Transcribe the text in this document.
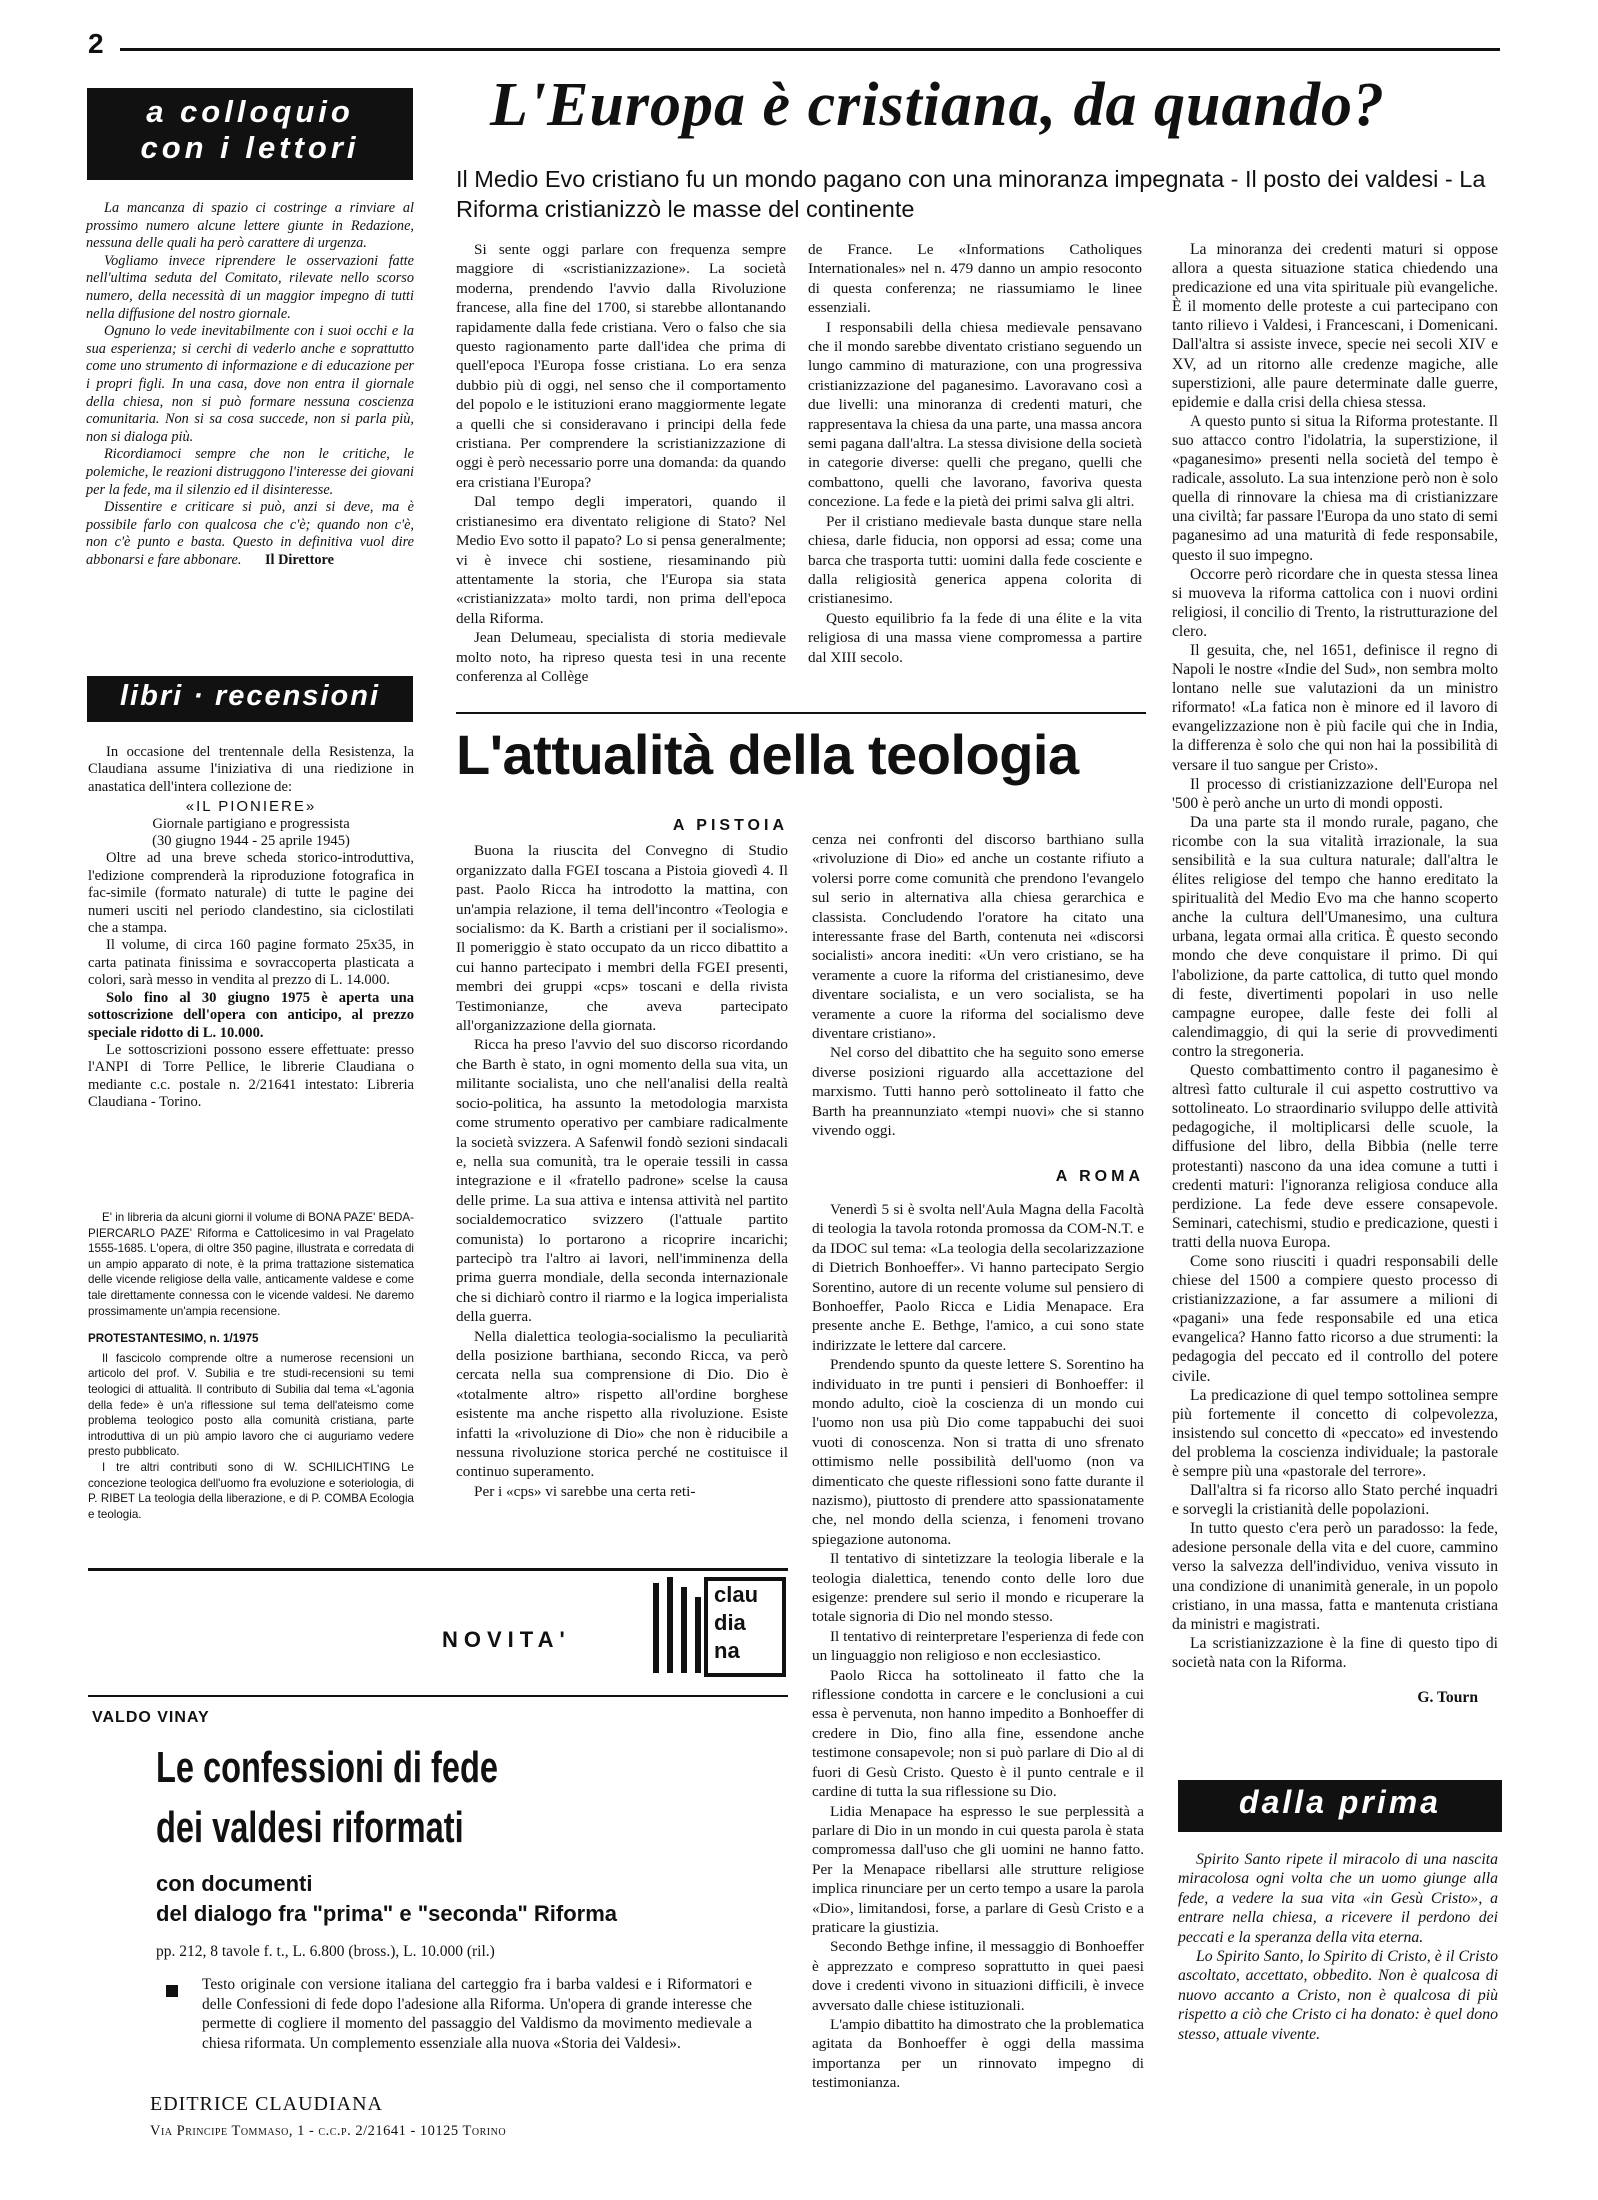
2
a colloquio
con i lettori

La mancanza di spazio ci costringe a rinviare al prossimo numero alcune lettere giunte in Redazione, nessuna delle quali ha però carattere di urgenza.

Vogliamo invece riprendere le osservazioni fatte nell'ultima seduta del Comitato, rilevate nello scorso numero, della necessità di un maggior impegno di tutti nella diffusione del nostro giornale.

Ognuno lo vede inevitabilmente con i suoi occhi e la sua esperienza; si cerchi di vederlo anche e soprattutto come uno strumento di informazione e di educazione per i propri figli. In una casa, dove non entra il giornale della chiesa, non si può formare nessuna coscienza comunitaria. Non si sa cosa succede, non si parla più, non si dialoga più.

Ricordiamoci sempre che non le critiche, le polemiche, le reazioni distruggono l'interesse dei giovani per la fede, ma il silenzio ed il disinteresse.

Dissentire e criticare si può, anzi si deve, ma è possibile farlo con qualcosa che c'è; quando non c'è, non c'è punto e basta. Questo in definitiva vuol dire abbonarsi e fare abbonare. Il Direttore

libri · recensioni

In occasione del trentennale della Resistenza, la Claudiana assume l'iniziativa di una riedizione in anastatica dell'intera collezione de:

«IL PIONIERE»
Giornale partigiano e progressista
(30 giugno 1944 - 25 aprile 1945)

Oltre ad una breve scheda storico-introduttiva, l'edizione comprenderà la riproduzione fotografica in fac-simile (formato naturale) di tutte le pagine dei numeri usciti nel periodo clandestino, sia ciclostilati che a stampa.

Il volume, di circa 160 pagine formato 25x35, in carta patinata finissima e sovraccoperta plasticata a colori, sarà messo in vendita al prezzo di L. 14.000.

Solo fino al 30 giugno 1975 è aperta una sottoscrizione dell'opera con anticipo, al prezzo speciale ridotto di L. 10.000.

Le sottoscrizioni possono essere effettuate: presso l'ANPI di Torre Pellice, le librerie Claudiana o mediante c.c. postale n. 2/21641 intestato: Libreria Claudiana - Torino.

E' in libreria da alcuni giorni il volume di BONA PAZE' BEDA-PIERCARLO PAZE' Riforma e Cattolicesimo in val Pragelato 1555-1685. L'opera, di oltre 350 pagine, illustrata e corredata di un ampio apparato di note, è la prima trattazione sistematica delle vicende religiose della valle, anticamente valdese e come tale direttamente connessa con le vicende valdesi. Ne daremo prossimamente un'ampia recensione.

PROTESTANTESIMO, n. 1/1975

Il fascicolo comprende oltre a numerose recensioni un articolo del prof. V. Subilia e tre studi-recensioni su temi teologici di attualità. Il contributo di Subilia dal tema «L'agonia della fede» è un'a riflessione sul tema dell'ateismo come problema teologico posto alla comunità cristiana, parte introduttiva di un più ampio lavoro che ci auguriamo vedere presto pubblicato.

I tre altri contributi sono di W. SCHILICHTING Le concezione teologica dell'uomo fra evoluzione e soteriologia, di P. RIBET La teologia della liberazione, e di P. COMBA Ecologia e teologia.

L'Europa è cristiana, da quando?
Il Medio Evo cristiano fu un mondo pagano con una minoranza impegnata - Il posto dei valdesi - La Riforma cristianizzò le masse del continente

Si sente oggi parlare con frequenza sempre maggiore di «scristianizzazione». La società moderna, prendendo l'avvio dalla Rivoluzione francese, alla fine del 1700, si starebbe allontanando rapidamente dalla fede cristiana. Vero o falso che sia questo ragionamento parte dall'idea che prima di quell'epoca l'Europa fosse cristiana. Lo era senza dubbio più di oggi, nel senso che il comportamento del popolo e le istituzioni erano maggiormente legate a quelli che si consideravano i principi della fede cristiana. Per comprendere la scristianizzazione di oggi è però necessario porre una domanda: da quando era cristiana l'Europa?

Dal tempo degli imperatori, quando il cristianesimo era diventato religione di Stato? Nel Medio Evo sotto il papato? Lo si pensa generalmente; vi è invece chi sostiene, riesaminando più attentamente la storia, che l'Europa sia stata «cristianizzata» molto tardi, non prima dell'epoca della Riforma.

Jean Delumeau, specialista di storia medievale molto noto, ha ripreso questa tesi in una recente conferenza al Collège

de France. Le «Informations Catholiques Internationales» nel n. 479 danno un ampio resoconto di questa conferenza; ne riassumiamo le linee essenziali.

I responsabili della chiesa medievale pensavano che il mondo sarebbe diventato cristiano seguendo un lungo cammino di maturazione, con una progressiva cristianizzazione del paganesimo. Lavoravano così a due livelli: una minoranza di credenti maturi, che rappresentava la chiesa da una parte, una massa ancora semi pagana dall'altra. La stessa divisione della società in categorie diverse: quelli che pregano, quelli che combattono, quelli che lavorano, favoriva questa concezione. La fede e la pietà dei primi salva gli altri.

Per il cristiano medievale basta dunque stare nella chiesa, darle fiducia, non opporsi ad essa; come una barca che trasporta tutti: uomini dalla fede cosciente e dalla religiosità generica appena colorita di cristianesimo.

Questo equilibrio fa la fede di una élite e la vita religiosa di una massa viene compromessa a partire dal XIII secolo.

La minoranza dei credenti maturi si oppose allora a questa situazione statica chiedendo una predicazione ed una vita spirituale più evangeliche. È il momento delle proteste a cui partecipano con tanto rilievo i Valdesi, i Francescani, i Domenicani. Dall'altra si assiste invece, specie nei secoli XIV e XV, ad un ritorno alle credenze magiche, alle superstizioni, alle paure determinate dalle guerre, epidemie e dalla crisi della chiesa stessa.

A questo punto si situa la Riforma protestante. Il suo attacco contro l'idolatria, la superstizione, il «paganesimo» presenti nella società del tempo è radicale, assoluto. La sua intenzione però non è solo quella di rinnovare la chiesa ma di cristianizzare una civiltà; far passare l'Europa da uno stato di semi paganesimo ad una maturità di fede responsabile, questo il suo impegno.

Occorre però ricordare che in questa stessa linea si muoveva la riforma cattolica con i nuovi ordini religiosi, il concilio di Trento, la ristrutturazione del clero.

Il gesuita, che, nel 1651, definisce il regno di Napoli le nostre «Indie del Sud», non sembra molto lontano nelle sue valutazioni da un ministro riformato! «La fatica non è minore ed il lavoro di evangelizzazione non è più facile qui che in India, la differenza è solo che qui non hai la possibilità di versare il tuo sangue per Cristo».

Il processo di cristianizzazione dell'Europa nel '500 è però anche un urto di mondi opposti.

Da una parte sta il mondo rurale, pagano, che ricombe con la sua vitalità irrazionale, la sua sensibilità e la sua cultura naturale; dall'altra le élites religiose del tempo che hanno ereditato la spiritualità del Medio Evo ma che hanno scoperto anche la cultura dell'Umanesimo, una cultura urbana, legata ormai alla critica. È questo secondo mondo che deve conquistare il primo. Di qui l'abolizione, da parte cattolica, di tutto quel mondo di feste, divertimenti popolari in uso nelle campagne europee, dalle feste dei folli al calendimaggio, di qui la serie di provvedimenti contro la stregoneria.

Questo combattimento contro il paganesimo è altresì fatto culturale il cui aspetto costruttivo va sottolineato. Lo straordinario sviluppo delle attività pedagogiche, il moltiplicarsi delle scuole, la diffusione del libro, della Bibbia (nelle terre protestanti) nascono da una idea comune a tutti i credenti maturi: l'ignoranza religiosa conduce alla perdizione. La fede deve essere consapevole. Seminari, catechismi, studio e predicazione, questi i tratti della nuova Europa.

Come sono riusciti i quadri responsabili delle chiese del 1500 a compiere questo processo di cristianizzazione, a far assumere a milioni di «pagani» una fede responsabile ed una etica evangelica? Hanno fatto ricorso a due strumenti: la pedagogia del peccato ed il controllo del potere civile.

La predicazione di quel tempo sottolinea sempre più fortemente il concetto di colpevolezza, insistendo sul concetto di «peccato» ed investendo del problema la coscienza individuale; la pastorale è sempre più una «pastorale del terrore».

Dall'altra si fa ricorso allo Stato perché inquadri e sorvegli la cristianità delle popolazioni.

In tutto questo c'era però un paradosso: la fede, adesione personale della vita e del cuore, cammino verso la salvezza dell'individuo, veniva vissuto in una condizione di unanimità generale, in un popolo cristiano, in una massa, fatta e mantenuta cristiana da ministri e magistrati.

La scristianizzazione è la fine di questo tipo di società nata con la Riforma.

G. Tourn
L'attualità della teologia
A PISTOIA

Buona la riuscita del Convegno di Studio organizzato dalla FGEI toscana a Pistoia giovedì 4. Il past. Paolo Ricca ha introdotto la mattina, con un'ampia relazione, il tema dell'incontro «Teologia e socialismo: da K. Barth a cristiani per il socialismo». Il pomeriggio è stato occupato da un ricco dibattito a cui hanno partecipato i membri della FGEI presenti, membri dei gruppi «cps» toscani e della rivista Testimonianze, che aveva partecipato all'organizzazione della giornata.

Ricca ha preso l'avvio del suo discorso ricordando che Barth è stato, in ogni momento della sua vita, un militante socialista, uno che nell'analisi della realtà socio-politica, ha assunto la metodologia marxista come strumento operativo per cambiare radicalmente la società svizzera. A Safenwil fondò sezioni sindacali e, nella sua comunità, tra le operaie tessili in cassa integrazione e il «fratello padrone» scelse la causa delle prime. La sua attiva e intensa attività nel partito socialdemocratico svizzero (l'attuale partito comunista) lo portarono a ricoprire incarichi; partecipò tra l'altro ai lavori, nell'imminenza della prima guerra mondiale, della seconda internazionale che si dichiarò contro il riarmo e la logica imperialista della guerra.

Nella dialettica teologia-socialismo la peculiarità della posizione barthiana, secondo Ricca, va però cercata nella sua comprensione di Dio. Dio è «totalmente altro» rispetto all'ordine borghese esistente ma anche rispetto alla rivoluzione. Esiste infatti la «rivoluzione di Dio» che non è riducibile a nessuna rivoluzione storica perché ne costituisce il continuo superamento.

Per i «cps» vi sarebbe una certa reti-

cenza nei confronti del discorso barthiano sulla «rivoluzione di Dio» ed anche un costante rifiuto a volersi porre come comunità che prendono l'evangelo sul serio in alternativa alla chiesa gerarchica e classista. Concludendo l'oratore ha citato una interessante frase del Barth, contenuta nei «discorsi socialisti» ancora inediti: «Un vero cristiano, se ha veramente a cuore la riforma del cristianesimo, deve diventare socialista, e un vero socialista, se ha veramente a cuore la riforma del socialismo deve diventare cristiano».

Nel corso del dibattito che ha seguito sono emerse diverse posizioni riguardo alla accettazione del marxismo. Tutti hanno però sottolineato il fatto che Barth ha preannunziato «tempi nuovi» che si stanno vivendo oggi.

A ROMA

Venerdì 5 si è svolta nell'Aula Magna della Facoltà di teologia la tavola rotonda promossa da COM-N.T. e da IDOC sul tema: «La teologia della secolarizzazione di Dietrich Bonhoeffer». Vi hanno partecipato Sergio Sorentino, autore di un recente volume sul pensiero di Bonhoeffer, Paolo Ricca e Lidia Menapace. Era presente anche E. Bethge, l'amico, a cui sono state indirizzate le lettere dal carcere.

Prendendo spunto da queste lettere S. Sorentino ha individuato in tre punti i pensieri di Bonhoeffer: il mondo adulto, cioè la coscienza di un mondo cui l'uomo non usa più Dio come tappabuchi dei suoi vuoti di conoscenza. Non si tratta di uno sfrenato ottimismo nelle possibilità dell'uomo (non va dimenticato che queste riflessioni sono fatte durante il nazismo), piuttosto di prendere atto spassionatamente che, nel mondo della scienza, i fenomeni trovano spiegazione autonoma.

Il tentativo di sintetizzare la teologia liberale e la teologia dialettica, tenendo conto delle loro due esigenze: prendere sul serio il mondo e ricuperare la totale signoria di Dio nel mondo stesso.

Il tentativo di reinterpretare l'esperienza di fede con un linguaggio non religioso e non ecclesiastico.

Paolo Ricca ha sottolineato il fatto che la riflessione condotta in carcere e le conclusioni a cui essa è pervenuta, non hanno impedito a Bonhoeffer di credere in Dio, fino alla fine, essendone anche testimone consapevole; non si può parlare di Dio al di fuori di Gesù Cristo. Questo è il punto centrale e il cardine di tutta la sua riflessione su Dio.

Lidia Menapace ha espresso le sue perplessità a parlare di Dio in un mondo in cui questa parola è stata compromessa dall'uso che gli uomini ne hanno fatto. Per la Menapace ribellarsi alle strutture religiose implica rinunciare per un certo tempo a usare la parola «Dio», limitandosi, forse, a parlare di Gesù Cristo e a praticare la giustizia.

Secondo Bethge infine, il messaggio di Bonhoeffer è apprezzato e compreso soprattutto in quei paesi dove i credenti vivono in situazioni difficili, è invece avversato dalle chiese istituzionali.

L'ampio dibattito ha dimostrato che la problematica agitata da Bonhoeffer è oggi della massima importanza per un rinnovato impegno di testimonianza.

NOVITA'
clau
dia
na
VALDO VINAY
Le confessioni di fede
dei valdesi riformati
con documenti
del dialogo fra "prima" e "seconda" Riforma
pp. 212, 8 tavole f. t., L. 6.800 (bross.), L. 10.000 (ril.)
Testo originale con versione italiana del carteggio fra i barba valdesi e i Riformatori e delle Confessioni di fede dopo l'adesione alla Riforma. Un'opera di grande interesse che permette di cogliere il momento del passaggio del Valdismo da movimento medievale a chiesa riformata. Un complemento essenziale alla nuova «Storia dei Valdesi».
EDITRICE CLAUDIANA
Via Principe Tommaso, 1 - c.c.p. 2/21641 - 10125 Torino
dalla prima

Spirito Santo ripete il miracolo di una nascita miracolosa ogni volta che un uomo giunge alla fede, a vedere la sua vita «in Gesù Cristo», a entrare nella chiesa, a ricevere il perdono dei peccati e la speranza della vita eterna.

Lo Spirito Santo, lo Spirito di Cristo, è il Cristo ascoltato, accettato, obbedito. Non è qualcosa di nuovo accanto a Cristo, non è qualcosa di più rispetto a ciò che Cristo ci ha donato: è quel dono stesso, attuale vivente.
